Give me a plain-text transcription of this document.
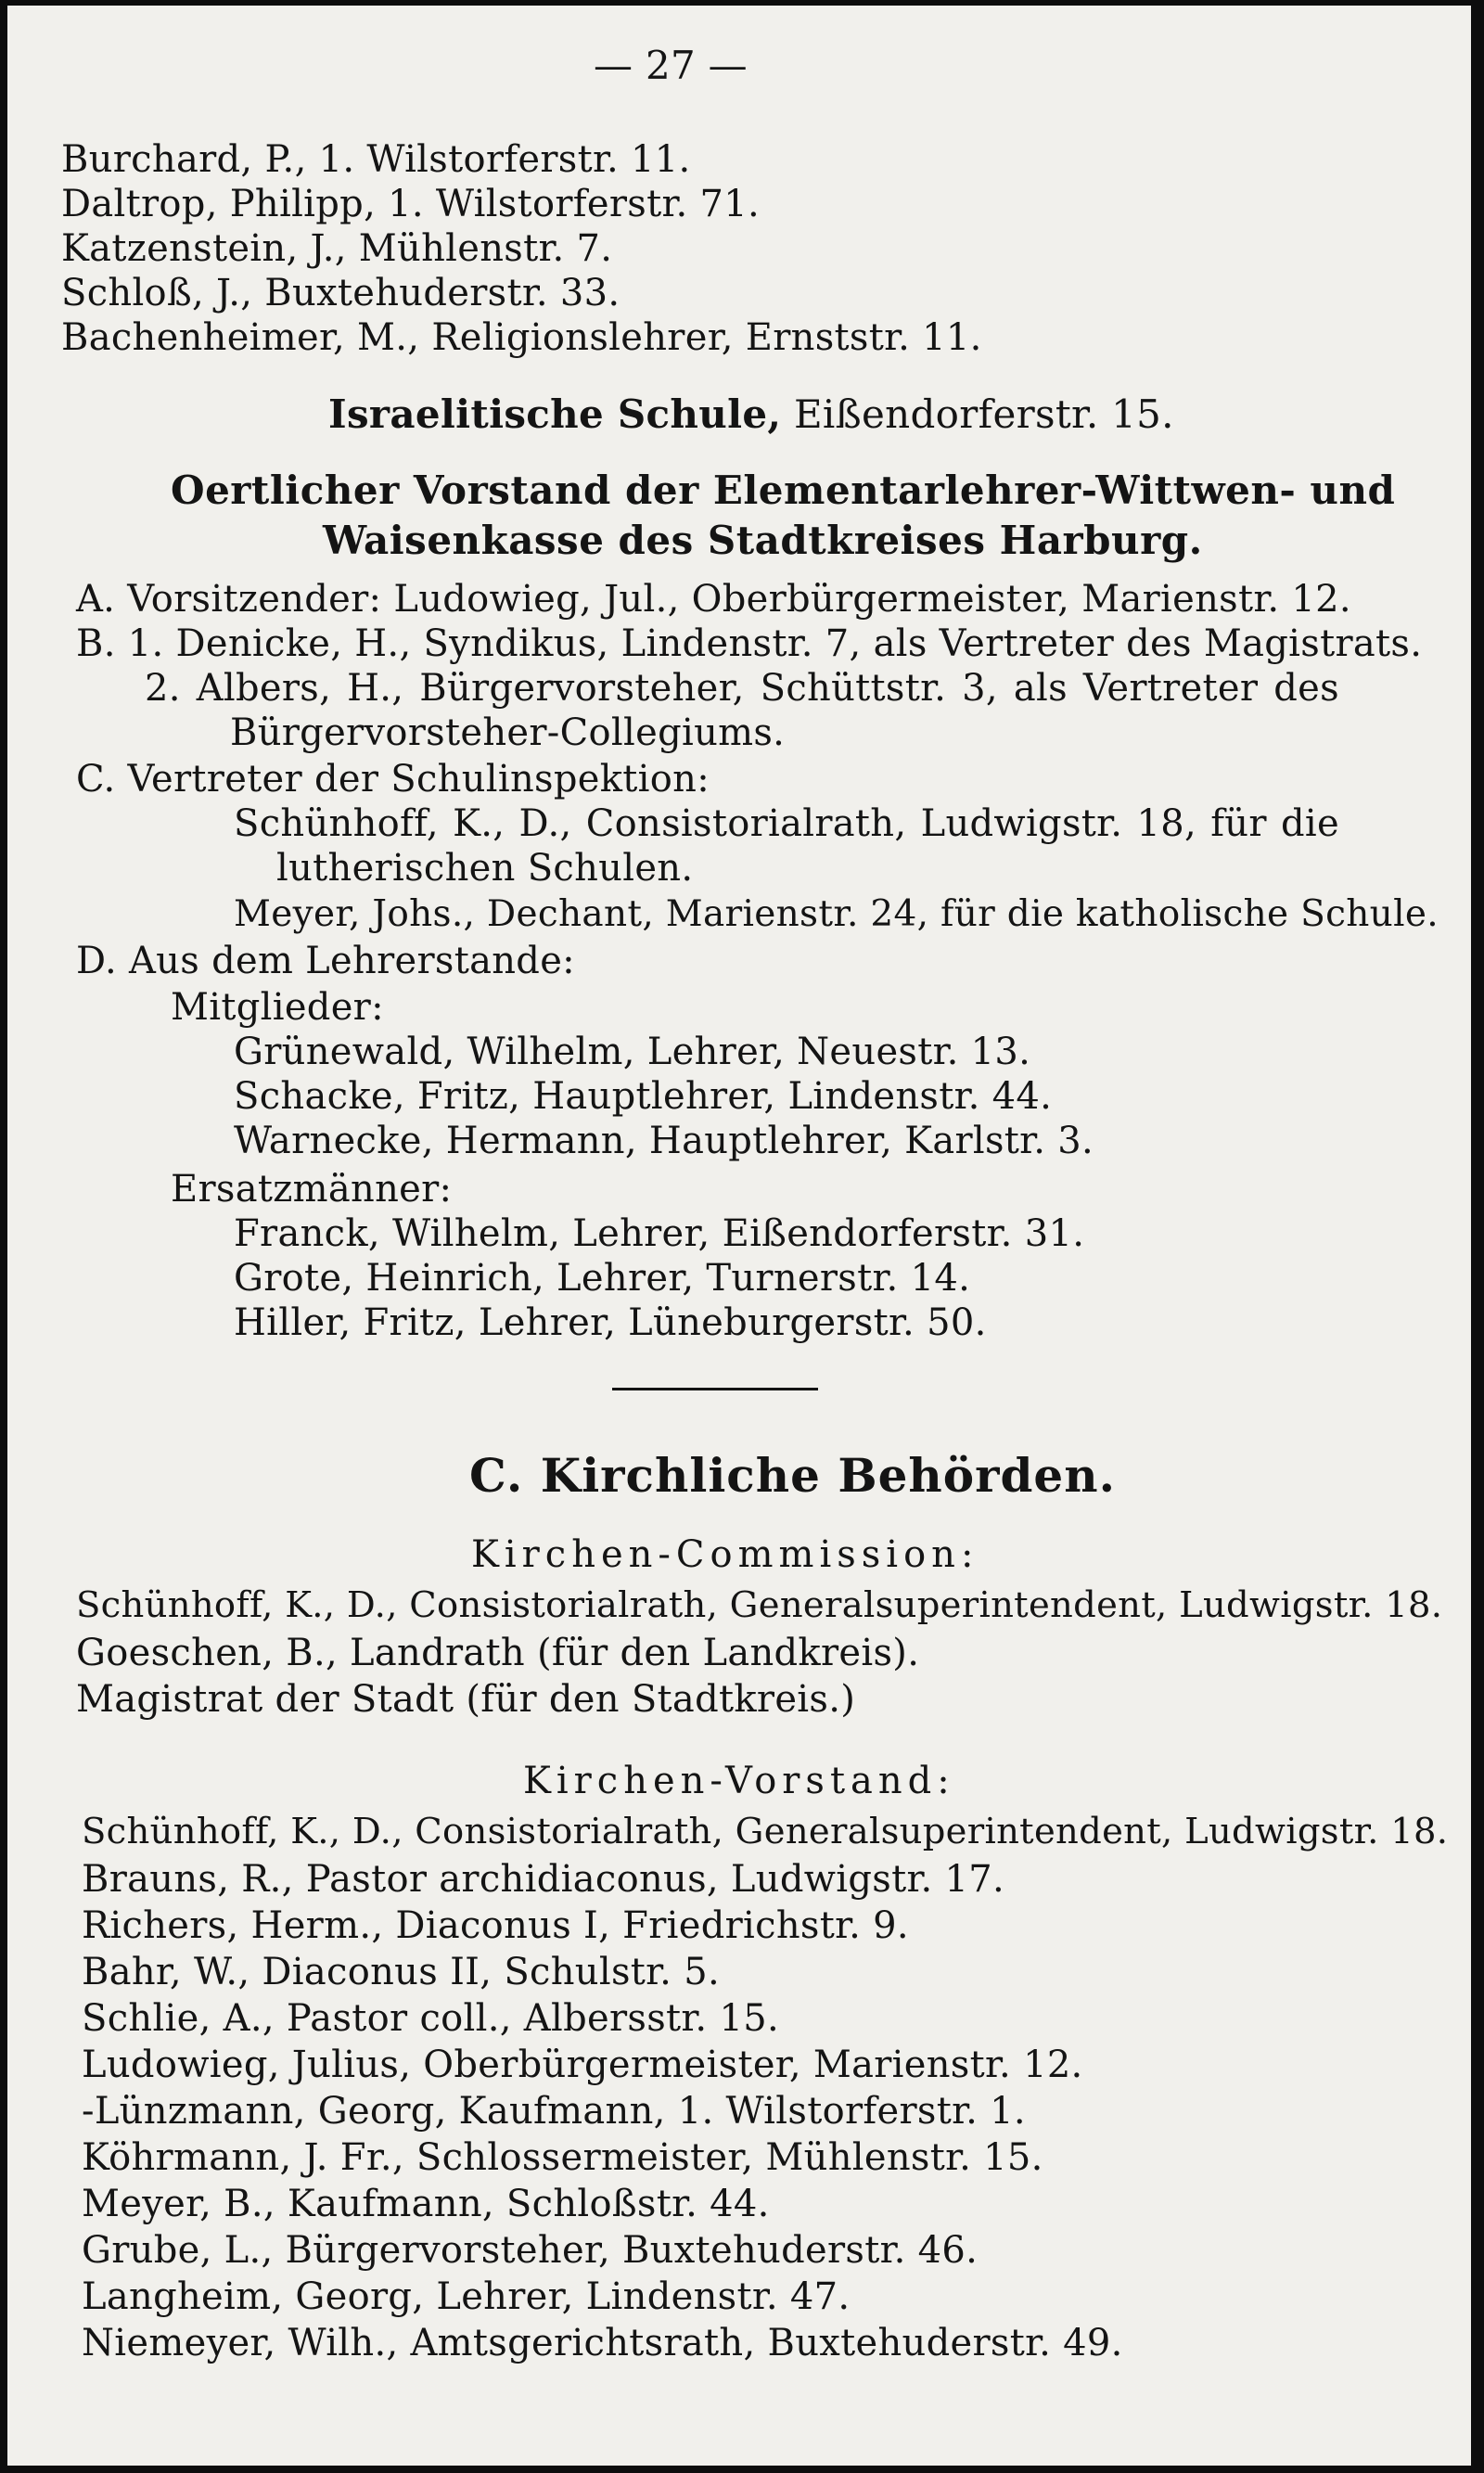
— 27 —
Burchard, P., 1. Wilstorferstr. 11.
Daltrop, Philipp, 1. Wilstorferstr. 71.
Katzenstein, J., Mühlenstr. 7.
Schloß, J., Buxtehuderstr. 33.
Bachenheimer, M., Religionslehrer, Ernststr. 11.
Israelitische Schule, Eißendorferstr. 15.
Oertlicher Vorstand der Elementarlehrer-Wittwen- und
Waisenkasse des Stadtkreises Harburg.
A. Vorsitzender: Ludowieg, Jul., Oberbürgermeister, Marienstr. 12.
B. 1. Denicke, H., Syndikus, Lindenstr. 7, als Vertreter des Magistrats.
2. Albers, H., Bürgervorsteher, Schüttstr. 3, als Vertreter des
Bürgervorsteher-Collegiums.
C. Vertreter der Schulinspektion:
Schünhoff, K., D., Consistorialrath, Ludwigstr. 18, für die
lutherischen Schulen.
Meyer, Johs., Dechant, Marienstr. 24, für die katholische Schule.
D. Aus dem Lehrerstande:
Mitglieder:
Grünewald, Wilhelm, Lehrer, Neuestr. 13.
Schacke, Fritz, Hauptlehrer, Lindenstr. 44.
Warnecke, Hermann, Hauptlehrer, Karlstr. 3.
Ersatzmänner:
Franck, Wilhelm, Lehrer, Eißendorferstr. 31.
Grote, Heinrich, Lehrer, Turnerstr. 14.
Hiller, Fritz, Lehrer, Lüneburgerstr. 50.
C. Kirchliche Behörden.
Kirchen-Commission:
Schünhoff, K., D., Consistorialrath, Generalsuperintendent, Ludwigstr. 18.
Goeschen, B., Landrath (für den Landkreis).
Magistrat der Stadt (für den Stadtkreis.)
Kirchen-Vorstand:
Schünhoff, K., D., Consistorialrath, Generalsuperintendent, Ludwigstr. 18.
Brauns, R., Pastor archidiaconus, Ludwigstr. 17.
Richers, Herm., Diaconus I, Friedrichstr. 9.
Bahr, W., Diaconus II, Schulstr. 5.
Schlie, A., Pastor coll., Albersstr. 15.
Ludowieg, Julius, Oberbürgermeister, Marienstr. 12.
-Lünzmann, Georg, Kaufmann, 1. Wilstorferstr. 1.
Köhrmann, J. Fr., Schlossermeister, Mühlenstr. 15.
Meyer, B., Kaufmann, Schloßstr. 44.
Grube, L., Bürgervorsteher, Buxtehuderstr. 46.
Langheim, Georg, Lehrer, Lindenstr. 47.
Niemeyer, Wilh., Amtsgerichtsrath, Buxtehuderstr. 49.
